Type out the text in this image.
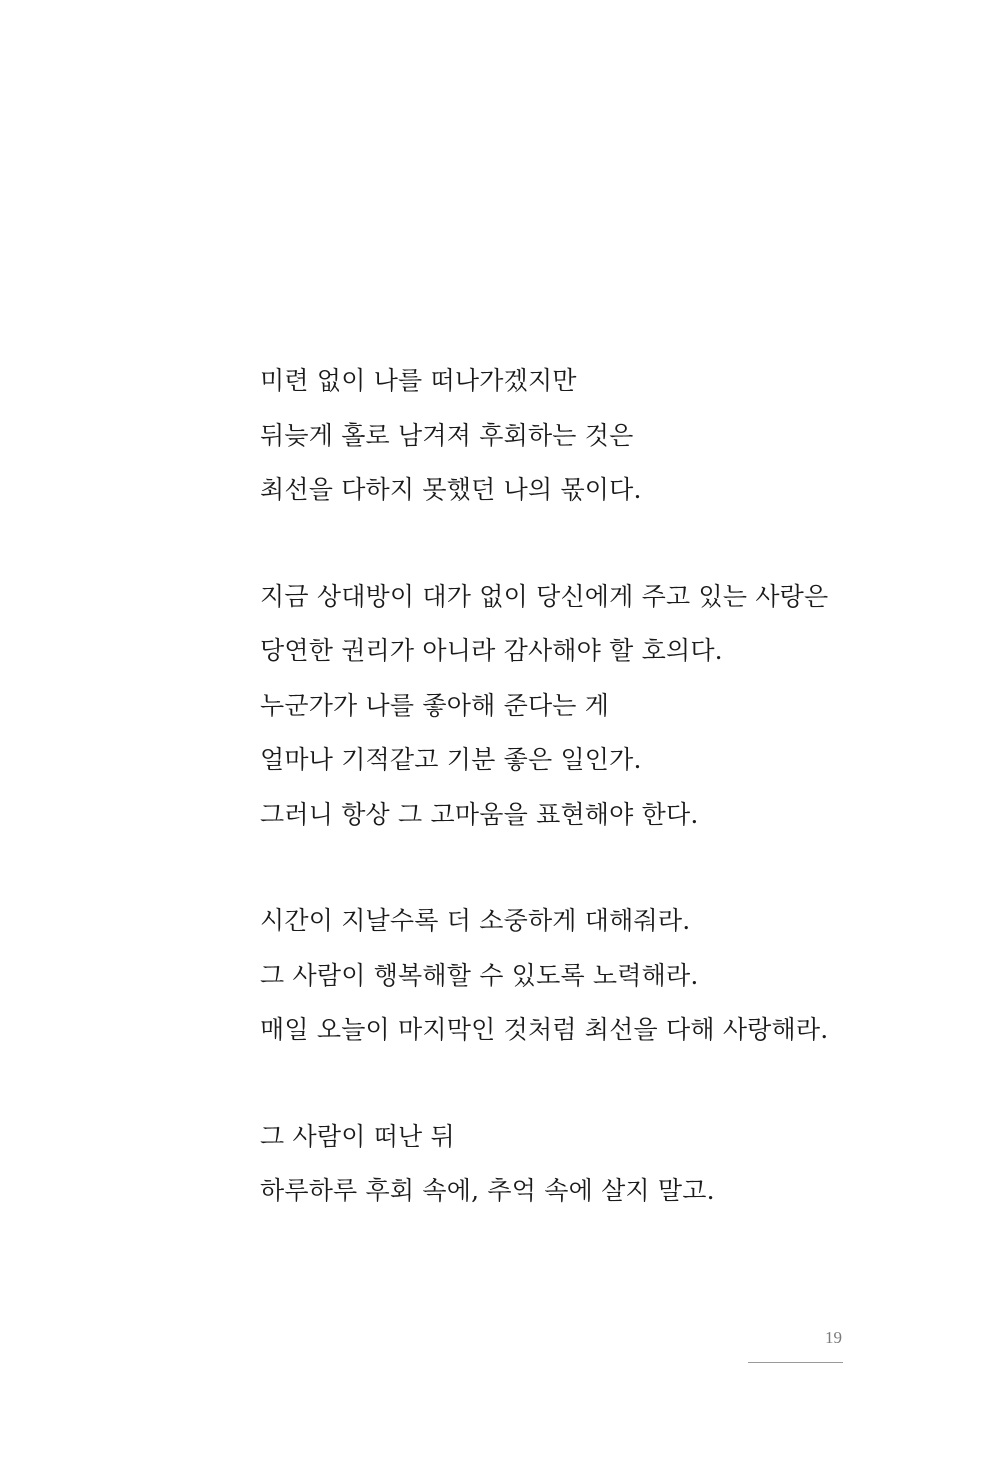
미련 없이 나를 떠나가겠지만
뒤늦게 홀로 남겨져 후회하는 것은
최선을 다하지 못했던 나의 몫이다.
지금 상대방이 대가 없이 당신에게 주고 있는 사랑은
당연한 권리가 아니라 감사해야 할 호의다.
누군가가 나를 좋아해 준다는 게
얼마나 기적같고 기분 좋은 일인가.
그러니 항상 그 고마움을 표현해야 한다.
시간이 지날수록 더 소중하게 대해줘라.
그 사람이 행복해할 수 있도록 노력해라.
매일 오늘이 마지막인 것처럼 최선을 다해 사랑해라.
그 사람이 떠난 뒤
하루하루 후회 속에, 추억 속에 살지 말고.
19
